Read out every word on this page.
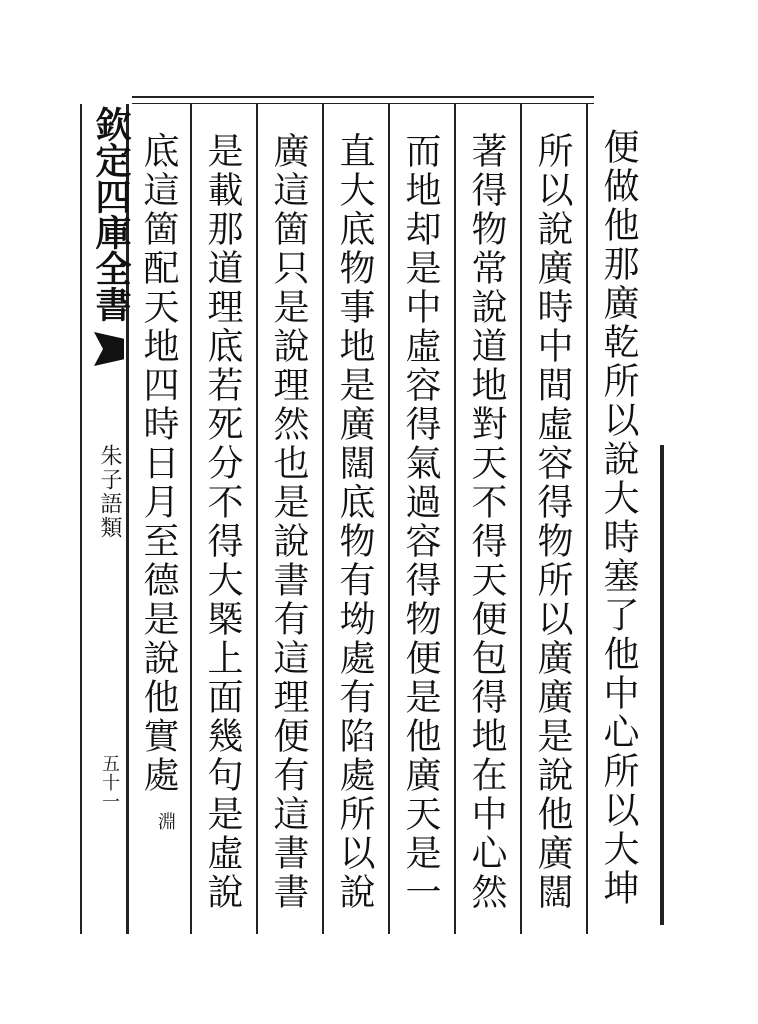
便做他那廣乾所以說大時塞了他中心所以大坤
所以說廣時中間虛容得物所以廣廣是說他廣闊
著得物常說道地對天不得天便包得地在中心然
而地却是中虛容得氣過容得物便是他廣天是一
直大底物事地是廣闊底物有坳處有陷處所以說
廣這箇只是說理然也是說書有這理便有這書書
是載那道理底若死分不得大槩上面幾句是虛說
底這箇配天地四時日月至德是說他實處
淵
欽定四庫全書
朱子語類
五十一
